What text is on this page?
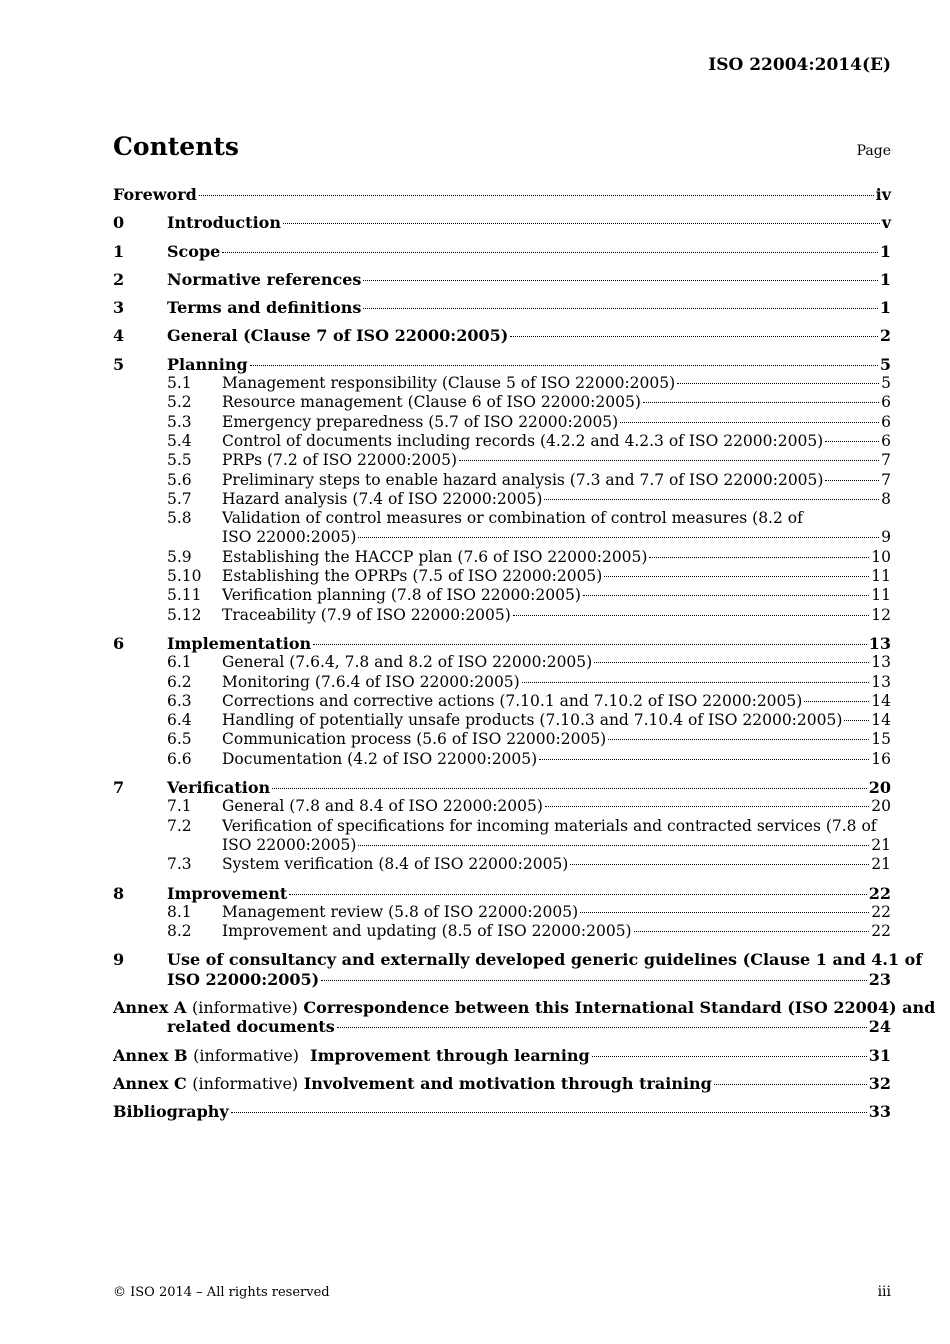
ISO 22004:2014(E)
Contents	Page
Foreword	iv
0	Introduction	v
1	Scope	1
2	Normative references	1
3	Terms and definitions	1
4	General (Clause 7 of ISO 22000:2005)	2
5	Planning	5
5.1	Management responsibility (Clause 5 of ISO 22000:2005)	5
5.2	Resource management (Clause 6 of ISO 22000:2005)	6
5.3	Emergency preparedness (5.7 of ISO 22000:2005)	6
5.4	Control of documents including records (4.2.2 and 4.2.3 of ISO 22000:2005)	6
5.5	PRPs (7.2 of ISO 22000:2005)	7
5.6	Preliminary steps to enable hazard analysis (7.3 and 7.7 of ISO 22000:2005)	7
5.7	Hazard analysis (7.4 of ISO 22000:2005)	8
5.8	Validation of control measures or combination of control measures (8.2 of
ISO 22000:2005)	9
5.9	Establishing the HACCP plan (7.6 of ISO 22000:2005)	10
5.10	Establishing the OPRPs (7.5 of ISO 22000:2005)	11
5.11	Verification planning (7.8 of ISO 22000:2005)	11
5.12	Traceability (7.9 of ISO 22000:2005)	12
6	Implementation	13
6.1	General (7.6.4, 7.8 and 8.2 of ISO 22000:2005)	13
6.2	Monitoring (7.6.4 of ISO 22000:2005)	13
6.3	Corrections and corrective actions (7.10.1 and 7.10.2 of ISO 22000:2005)	14
6.4	Handling of potentially unsafe products (7.10.3 and 7.10.4 of ISO 22000:2005) 14
6.5	Communication process (5.6 of ISO 22000:2005)	15
6.6	Documentation (4.2 of ISO 22000:2005)	16
7	Verification	20
7.1	General (7.8 and 8.4 of ISO 22000:2005)	20
7.2	Verification of specifications for incoming materials and contracted services (7.8 of
ISO 22000:2005)	21
7.3	System verification (8.4 of ISO 22000:2005)	21
8	Improvement	22
8.1	Management review (5.8 of ISO 22000:2005)	22
8.2	Improvement and updating (8.5 of ISO 22000:2005)	22
9	Use of consultancy and externally developed generic guidelines (Clause 1 and 4.1 of
ISO 22000:2005)	23
Annex A (informative) Correspondence between this International Standard (ISO 22004) and
related documents	24
Annex B (informative) Improvement through learning	31
Annex C (informative) Involvement and motivation through training	32
Bibliography	33
© ISO 2014 – All rights reserved	iii
